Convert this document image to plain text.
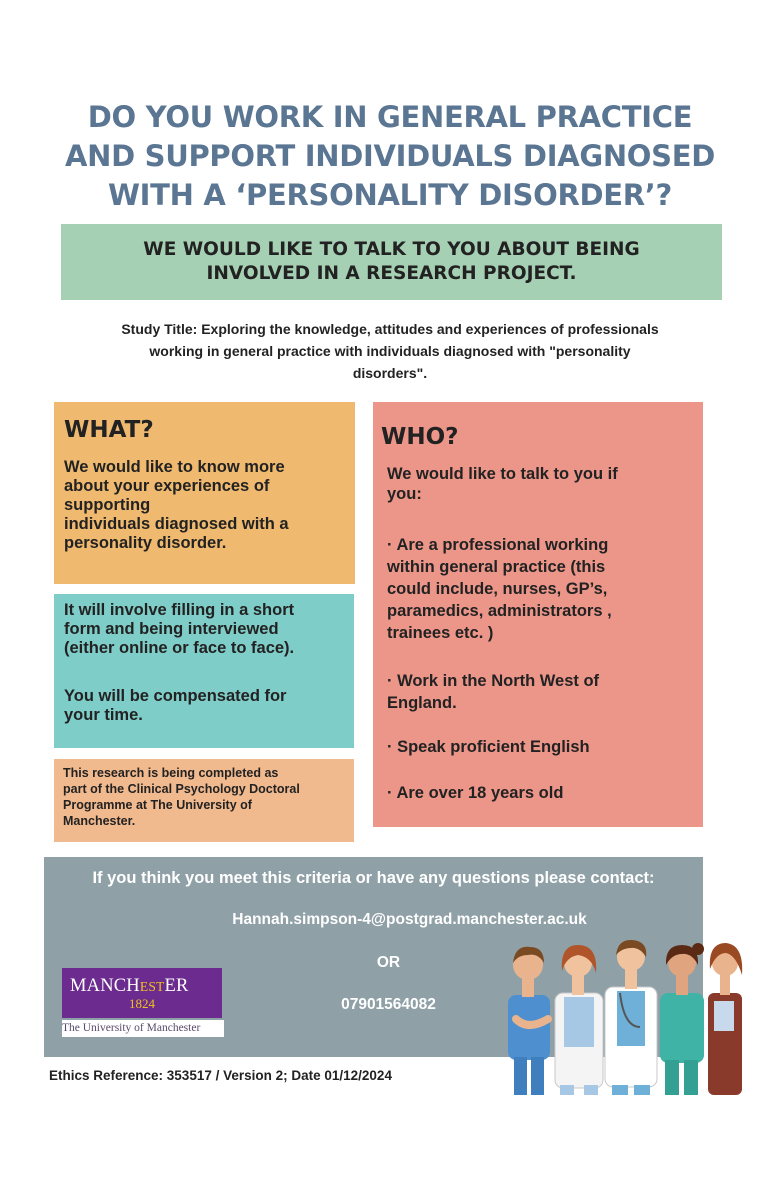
DO YOU WORK IN GENERAL PRACTICE
AND SUPPORT INDIVIDUALS DIAGNOSED
WITH A ‘PERSONALITY DISORDER’?
WE WOULD LIKE TO TALK TO YOU ABOUT BEING
INVOLVED IN A RESEARCH PROJECT.
Study Title: Exploring the knowledge, attitudes and experiences of professionals
working in general practice with individuals diagnosed with "personality
disorders".
WHAT?
We would like to know more
about your experiences of
supporting
individuals diagnosed with a
personality disorder.
It will involve filling in a short
form and being interviewed
(either online or face to face).
You will be compensated for
your time.
This research is being completed as
part of the Clinical Psychology Doctoral
Programme at The University of
Manchester.
WHO?
We would like to talk to you if
you:
· Are a professional working
within general practice (this
could include, nurses, GP’s,
paramedics, administrators ,
trainees etc. )
· Work in the North West of
England.
· Speak proficient English
· Are over 18 years old
If you think you meet this criteria or have any questions please contact:
Hannah.simpson-4@postgrad.manchester.ac.uk
OR
07901564082
MANCHESTER
1824
The University of Manchester
Ethics Reference: 353517 / Version 2; Date 01/12/2024
